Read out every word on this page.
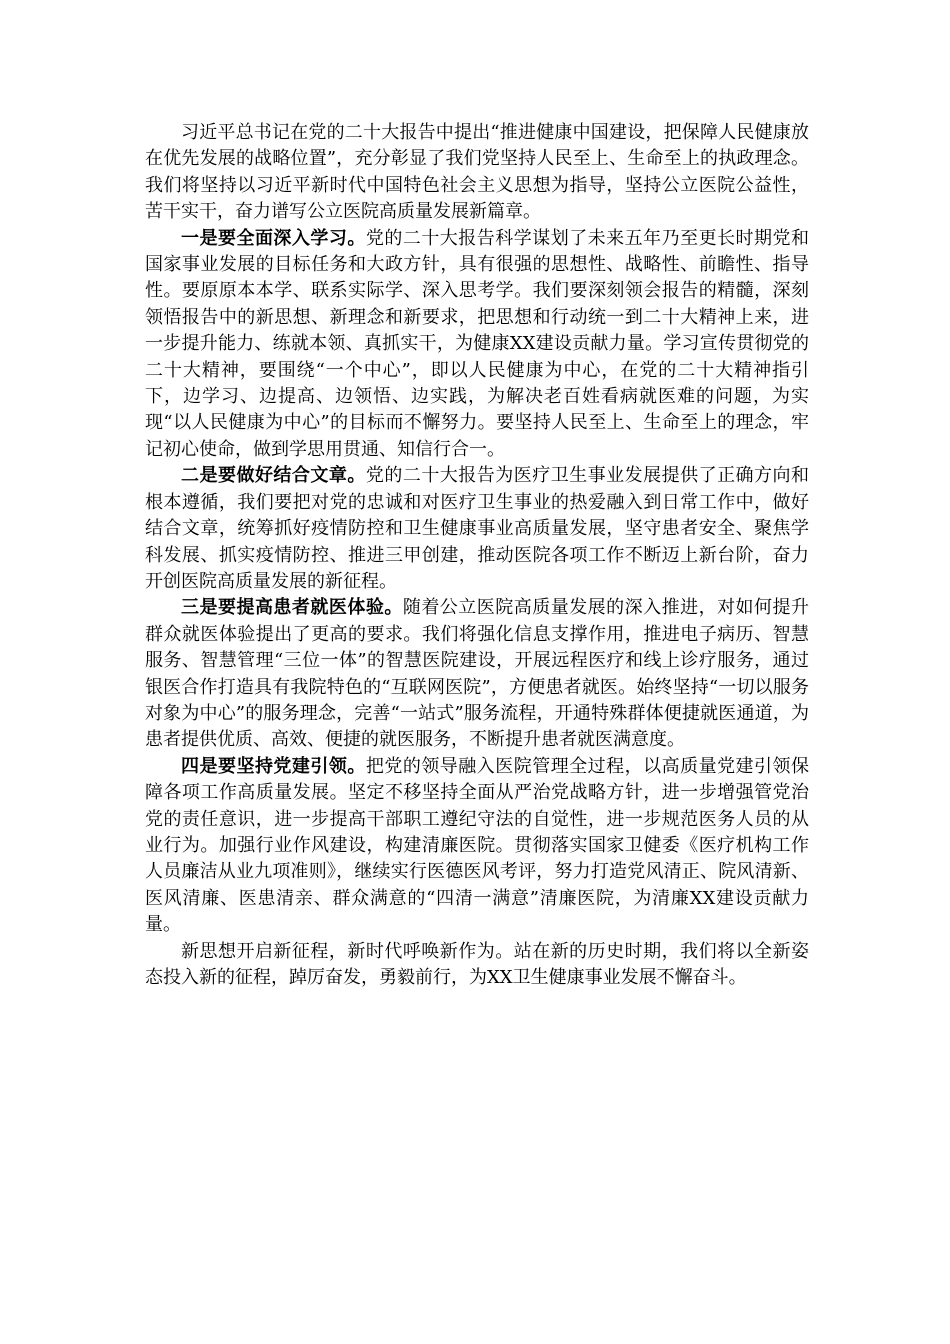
习近平总书记在党的二十大报告中提出“推进健康中国建设，把保障人民健康放在优先发展的战略位置”，充分彰显了我们党坚持人民至上、生命至上的执政理念。我们将坚持以习近平新时代中国特色社会主义思想为指导，坚持公立医院公益性，苦干实干，奋力谱写公立医院高质量发展新篇章。

一是要全面深入学习。党的二十大报告科学谋划了未来五年乃至更长时期党和国家事业发展的目标任务和大政方针，具有很强的思想性、战略性、前瞻性、指导性。要原原本本学、联系实际学、深入思考学。我们要深刻领会报告的精髓，深刻领悟报告中的新思想、新理念和新要求，把思想和行动统一到二十大精神上来，进一步提升能力、练就本领、真抓实干，为健康XX建设贡献力量。学习宣传贯彻党的二十大精神，要围绕“一个中心”，即以人民健康为中心，在党的二十大精神指引下，边学习、边提高、边领悟、边实践，为解决老百姓看病就医难的问题，为实现“以人民健康为中心”的目标而不懈努力。要坚持人民至上、生命至上的理念，牢记初心使命，做到学思用贯通、知信行合一。

二是要做好结合文章。党的二十大报告为医疗卫生事业发展提供了正确方向和根本遵循，我们要把对党的忠诚和对医疗卫生事业的热爱融入到日常工作中，做好结合文章，统筹抓好疫情防控和卫生健康事业高质量发展，坚守患者安全、聚焦学科发展、抓实疫情防控、推进三甲创建，推动医院各项工作不断迈上新台阶，奋力开创医院高质量发展的新征程。

三是要提高患者就医体验。随着公立医院高质量发展的深入推进，对如何提升群众就医体验提出了更高的要求。我们将强化信息支撑作用，推进电子病历、智慧服务、智慧管理“三位一体”的智慧医院建设，开展远程医疗和线上诊疗服务，通过银医合作打造具有我院特色的“互联网医院”，方便患者就医。始终坚持“一切以服务对象为中心”的服务理念，完善“一站式”服务流程，开通特殊群体便捷就医通道，为患者提供优质、高效、便捷的就医服务，不断提升患者就医满意度。

四是要坚持党建引领。把党的领导融入医院管理全过程，以高质量党建引领保障各项工作高质量发展。坚定不移坚持全面从严治党战略方针，进一步增强管党治党的责任意识，进一步提高干部职工遵纪守法的自觉性，进一步规范医务人员的从业行为。加强行业作风建设，构建清廉医院。贯彻落实国家卫健委《医疗机构工作人员廉洁从业九项准则》，继续实行医德医风考评，努力打造党风清正、院风清新、医风清廉、医患清亲、群众满意的“四清一满意”清廉医院，为清廉XX建设贡献力量。

新思想开启新征程，新时代呼唤新作为。站在新的历史时期，我们将以全新姿态投入新的征程，踔厉奋发，勇毅前行，为XX卫生健康事业发展不懈奋斗。
